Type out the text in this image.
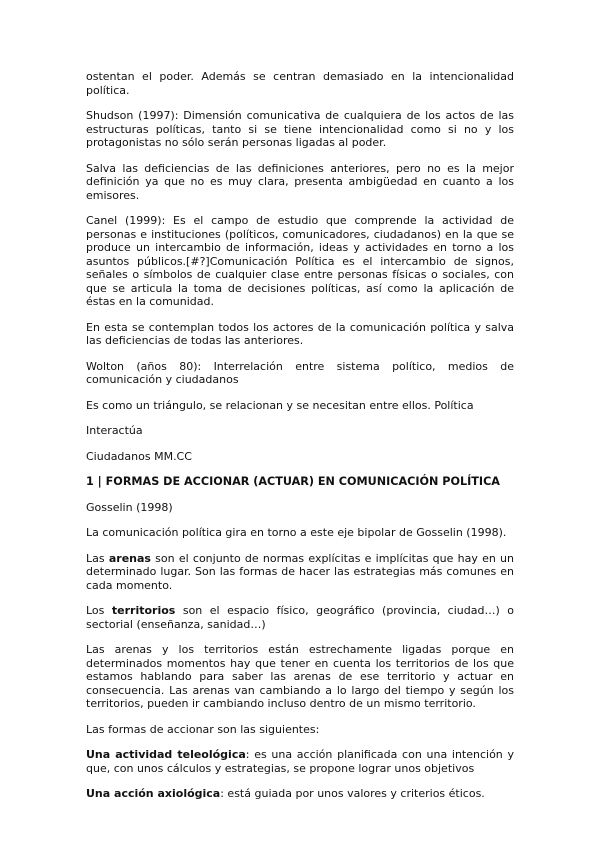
ostentan el poder. Además se centran demasiado en la intencionalidad política.

Shudson (1997): Dimensión comunicativa de cualquiera de los actos de las estructuras políticas, tanto si se tiene intencionalidad como si no y los protagonistas no sólo serán personas ligadas al poder.

Salva las deficiencias de las definiciones anteriores, pero no es la mejor definición ya que no es muy clara, presenta ambigüedad en cuanto a los emisores.

Canel (1999): Es el campo de estudio que comprende la actividad de personas e instituciones (políticos, comunicadores, ciudadanos) en la que se produce un intercambio de información, ideas y actividades en torno a los asuntos públicos.[#?]Comunicación Política es el intercambio de signos, señales o símbolos de cualquier clase entre personas físicas o sociales, con que se articula la toma de decisiones políticas, así como la aplicación de éstas en la comunidad.

En esta se contemplan todos los actores de la comunicación política y salva las deficiencias de todas las anteriores.

Wolton (años 80): Interrelación entre sistema político, medios de comunicación y ciudadanos

Es como un triángulo, se relacionan y se necesitan entre ellos. Política

Interactúa

Ciudadanos MM.CC

1 | FORMAS DE ACCIONAR (ACTUAR) EN COMUNICACIÓN POLÍTICA

Gosselin (1998)

La comunicación política gira en torno a este eje bipolar de Gosselin (1998).

Las arenas son el conjunto de normas explícitas e implícitas que hay en un determinado lugar. Son las formas de hacer las estrategias más comunes en cada momento.

Los territorios son el espacio físico, geográfico (provincia, ciudad…) o sectorial (enseñanza, sanidad…)

Las arenas y los territorios están estrechamente ligadas porque en determinados momentos hay que tener en cuenta los territorios de los que estamos hablando para saber las arenas de ese territorio y actuar en consecuencia. Las arenas van cambiando a lo largo del tiempo y según los territorios, pueden ir cambiando incluso dentro de un mismo territorio.

Las formas de accionar son las siguientes:

Una actividad teleológica: es una acción planificada con una intención y que, con unos cálculos y estrategias, se propone lograr unos objetivos

Una acción axiológica: está guiada por unos valores y criterios éticos.
